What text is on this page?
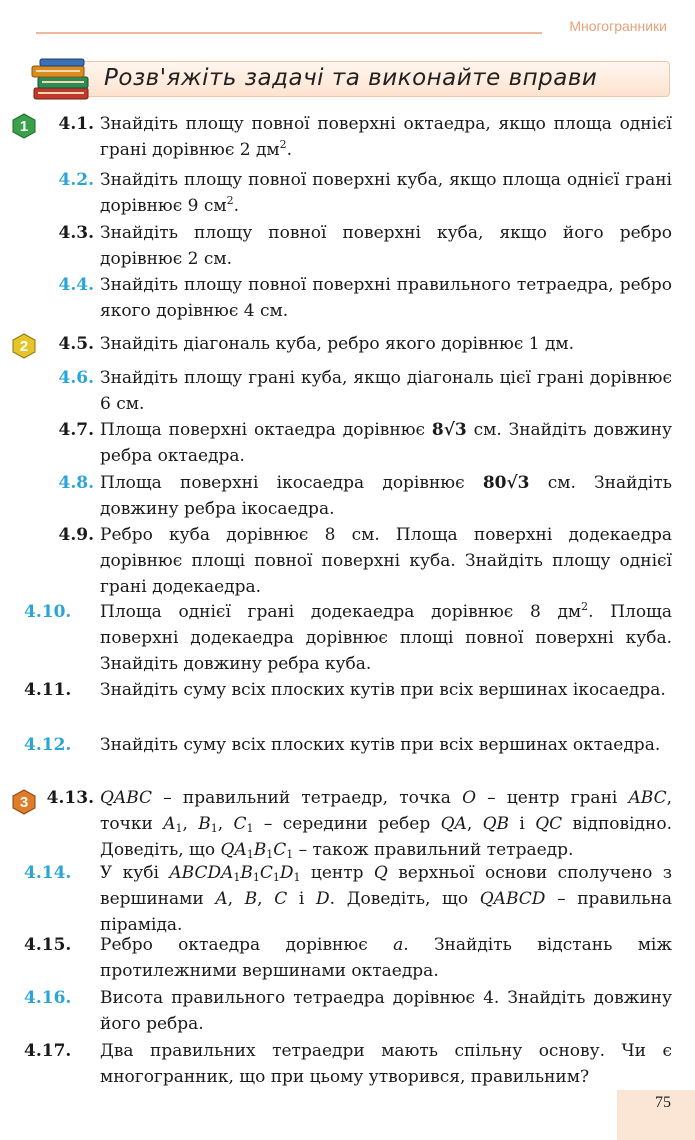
Многогранники
Розв'яжіть задачі та виконайте вправи
1	4.1. Знайдіть площу повної поверхні октаедра, якщо площа однієї грані дорівнює 2 $дм^2$.
4.2. Знайдіть площу повної поверхні куба, якщо площа однієї грані дорівнює 9 $см^2$.
4.3. Знайдіть площу повної поверхні куба, якщо його ребро дорівнює 2 см.
4.4. Знайдіть площу повної поверхні правильного тетраедра, ребро якого дорівнює 4 см.
2	4.5. Знайдіть діагональ куба, ребро якого дорівнює 1 дм.
4.6. Знайдіть площу грані куба, якщо діагональ цієї грані дорівнює 6 см.
4.7. Площа поверхні октаедра дорівнює 8√3 см. Знайдіть довжину ребра октаедра.
4.8. Площа поверхні ікосаедра дорівнює 80√3 см. Знайдіть довжину ребра ікосаедра.
4.9. Ребро куба дорівнює 8 см. Площа поверхні додекаедра дорівнює площі повної поверхні куба. Знайдіть площу однієї грані додекаедра.
4.10.	Площа однієї грані додекаедра дорівнює 8 $дм^2$. Площа поверхні додекаедра дорівнює площі повної поверхні куба. Знайдіть довжину ребра куба.
4.11.	Знайдіть суму всіх плоских кутів при всіх вершинах ікосаедра.
4.12.	Знайдіть суму всіх плоских кутів при всіх вершинах октаедра.
3	4.13. QABC – правильний тетраедр, точка O – центр грані ABC, точки $A_1$, $B_1$, $C_1$ – середини ребер QA, QB і QC відповідно. Доведіть, що $QA_1B_1C_1$ – також правильний тетраедр.
4.14.	У кубі $ABCDA_1B_1C_1D_1$ центр Q верхньої основи сполучено з вершинами A, B, C і D. Доведіть, що QABCD – правильна піраміда.
4.15.	Ребро октаедра дорівнює a. Знайдіть відстань між протилежними вершинами октаедра.
4.16.	Висота правильного тетраедра дорівнює 4. Знайдіть довжину його ребра.
4.17.	Два правильних тетраедри мають спільну основу. Чи є многогранник, що при цьому утворився, правильним?
75
